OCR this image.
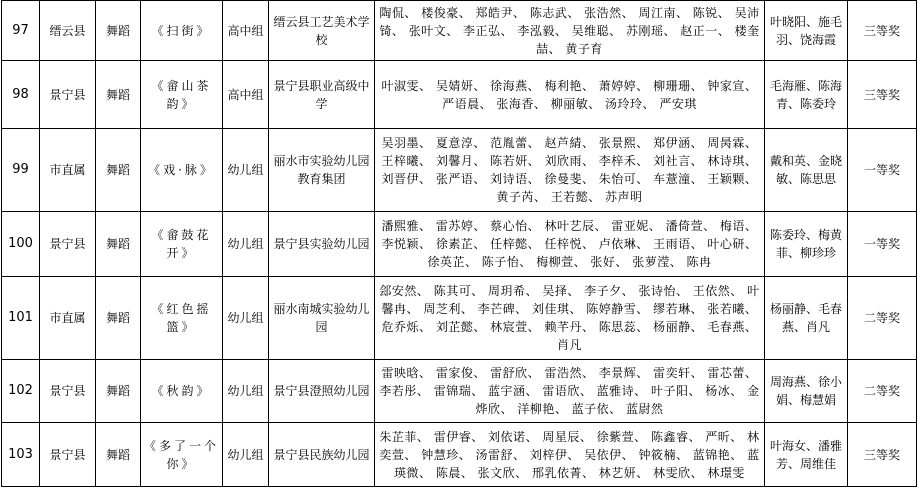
97	缙云县	舞蹈	《扫街》	高中组	缙云县工艺美术学校	陶侃、 楼俊豪、 郑皓尹、 陈志武、 张浩然、 周江南、 陈锐、 吴沛锜、 张叶文、 李正弘、 李泓毅、 吴维聪、 苏刚瑶、 赵正一、 楼奎喆、 黄子育	叶晓阳、施毛羽、饶海霞	三等奖
98	景宁县	舞蹈	《畲山茶韵》	高中组	景宁县职业高级中学	叶淑雯、 吴婧妍、 徐海燕、 梅利艳、 萧婷婷、 柳珊珊、 钟家宣、 严语晨、 张海香、 柳丽敏、 汤玲玲、 严安琪	毛海雁、陈海青、陈委玲	三等奖
99	市直属	舞蹈	《戏·脉》	幼儿组	丽水市实验幼儿园教育集团	吴羽墨、 夏意淳、 范胤蕾、 赵芦綪、 张景熙、 郑伊涵、 周昺霖、 王梓曦、 刘馨月、 陈若妍、 刘欣雨、 李梓禾、 刘社言、 林诗琪、 刘晋伊、 张严语、 刘诗语、 徐曼斐、 朱怡可、 车薏潼、 王颖颗、 黄子芮、 王若懿、 苏声明	戴和英、金晓敏、陈思思	一等奖
100	景宁县	舞蹈	《畲鼓花开》	幼儿组	景宁县实验幼儿园	潘熙雅、 雷苏婷、 蔡心怡、 林叶艺辰、 雷亚妮、 潘倚萱、 梅语、 李悦颖、 徐素芷、 任梓懿、 任梓悦、 卢依琳、 王雨语、 叶心研、 徐英芷、 陈子怡、 梅柳萱、 张好、 张萝滢、 陈冉	陈委玲、梅黄菲、柳珍珍	一等奖
101	市直属	舞蹈	《红色摇篮》	幼儿组	丽水南城实验幼儿园	郐安然、 陈其可、 周玥希、 吴择、 李子夕、 张诗怡、 王依然、 叶馨冉、 周芝利、 李芒碑、 刘佳琪、 陈婷静雪、 缪若琳、 张若曦、 危乔烁、 刘芷懿、 林宸萱、 赖芊丹、 陈思蕊、 杨丽静、 毛春燕、 肖凡	杨丽静、毛春燕、肖凡	二等奖
102	景宁县	舞蹈	《秋韵》	幼儿组	景宁县澄照幼儿园	雷映晗、 雷家俊、 雷舒欣、 雷浩然、 李景辉、 雷奕轩、 雷芯蕾、 李若彤、 雷锦瑞、 蓝宇涵、 雷语欣、 蓝雅诗、 叶子阳、 杨冰、 金烨欣、 洋柳艳、 蓝子依、 蓝尉然	周海燕、徐小娟、梅慧娟	二等奖
103	景宁县	舞蹈	《多了一个你》	幼儿组	景宁县民族幼儿园	朱芷菲、 雷伊睿、 刘依诺、 周星辰、 徐紫萱、 陈鑫睿、 严昕、 林奕萱、 钟慧珍、 汤雷舒、 刘梓伊、 吴依伊、 钟筱楠、 蓝锦艳、 蓝瑛微、 陈晨、 张文欣、 邢乳依菁、 林艺妍、 林雯欣、 林璟雯	叶海女、潘雅芳、周维佳	三等奖
